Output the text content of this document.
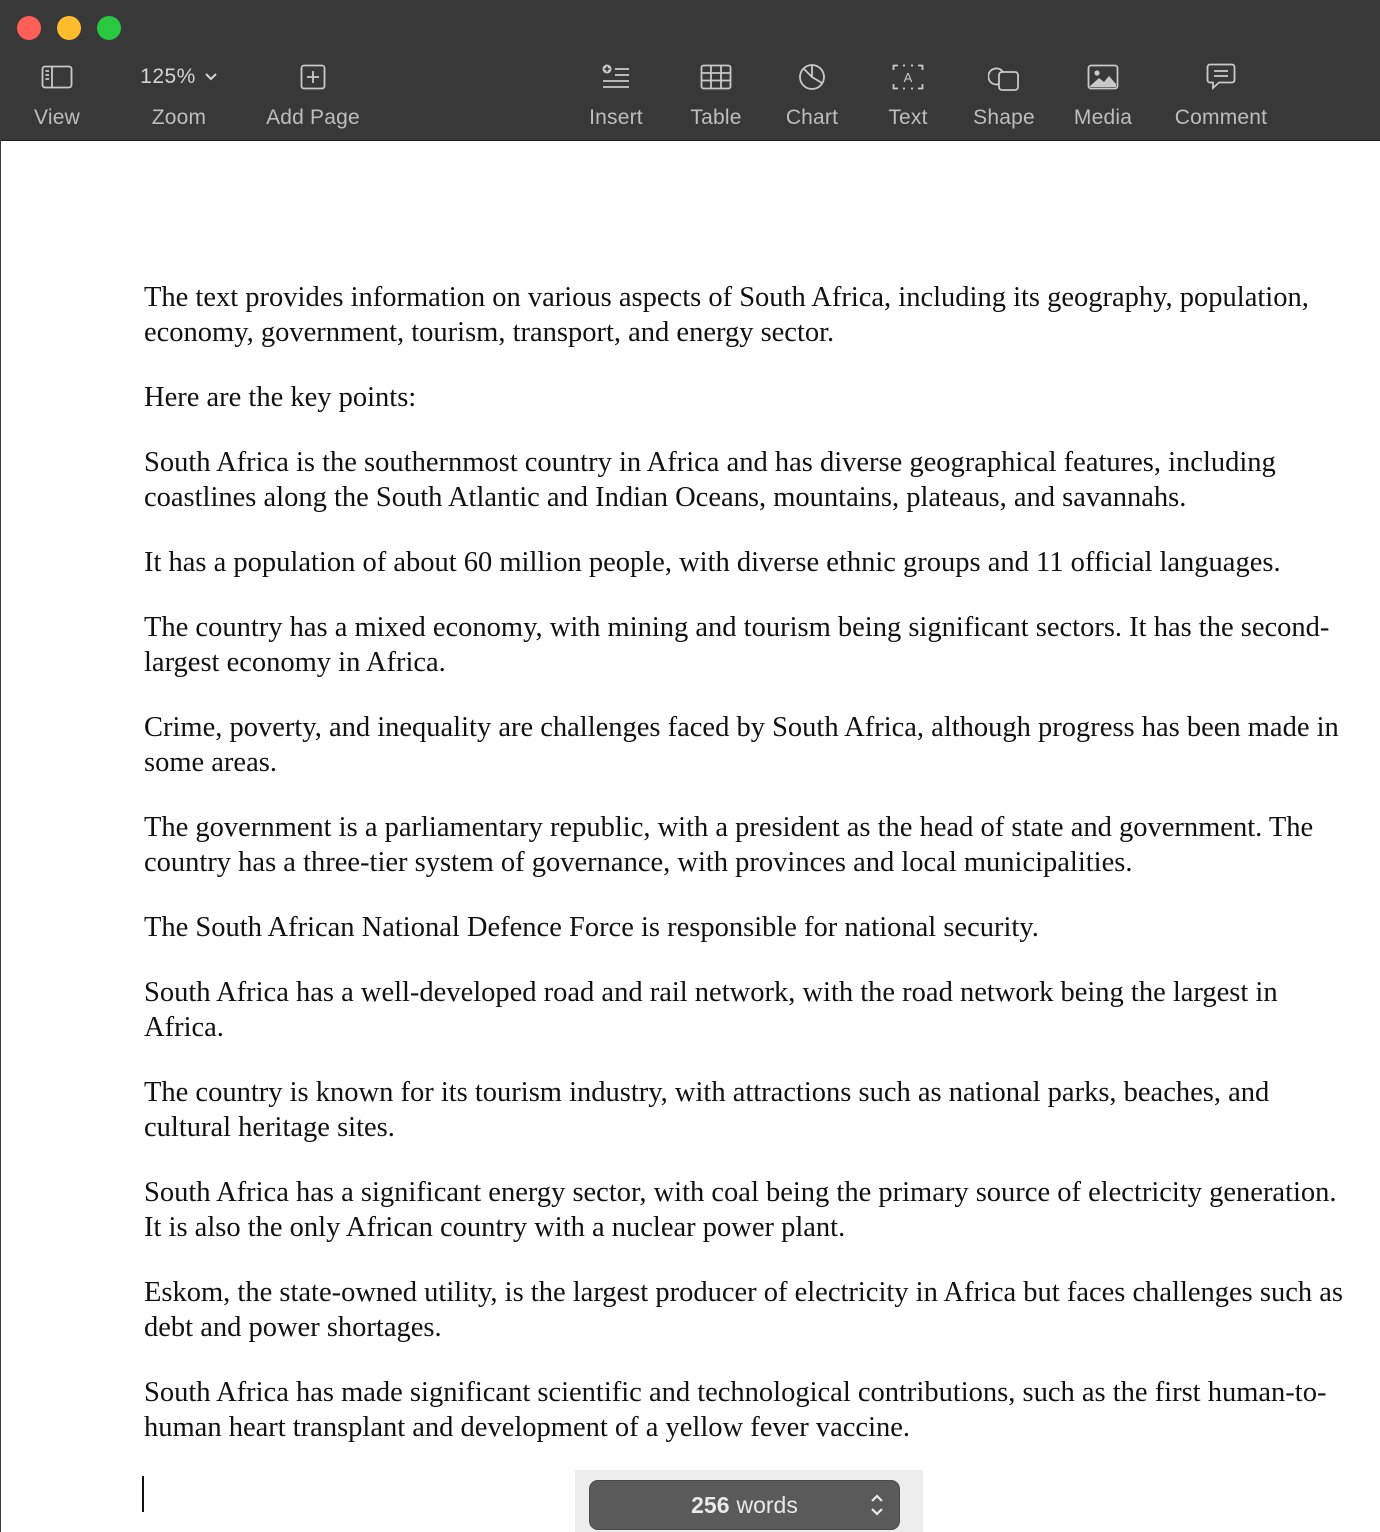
View
125%
Zoom	Add Page	Insert Table Chart
A
Text Shape Media Comment

The text provides information on various aspects of South Africa, including its geography, population, economy, government, tourism, transport, and energy sector.

Here are the key points:

South Africa is the southernmost country in Africa and has diverse geographical features, including coastlines along the South Atlantic and Indian Oceans, mountains, plateaus, and savannahs.

It has a population of about 60 million people, with diverse ethnic groups and 11 official languages.

The country has a mixed economy, with mining and tourism being significant sectors. It has the second-largest economy in Africa.

Crime, poverty, and inequality are challenges faced by South Africa, although progress has been made in some areas.

The government is a parliamentary republic, with a president as the head of state and government. The country has a three-tier system of governance, with provinces and local municipalities.

The South African National Defence Force is responsible for national security.

South Africa has a well-developed road and rail network, with the road network being the largest in Africa.

The country is known for its tourism industry, with attractions such as national parks, beaches, and cultural heritage sites.

South Africa has a significant energy sector, with coal being the primary source of electricity generation. It is also the only African country with a nuclear power plant.

Eskom, the state-owned utility, is the largest producer of electricity in Africa but faces challenges such as debt and power shortages.

South Africa has made significant scientific and technological contributions, such as the first human-to-human heart transplant and development of a yellow fever vaccine.

256 words
